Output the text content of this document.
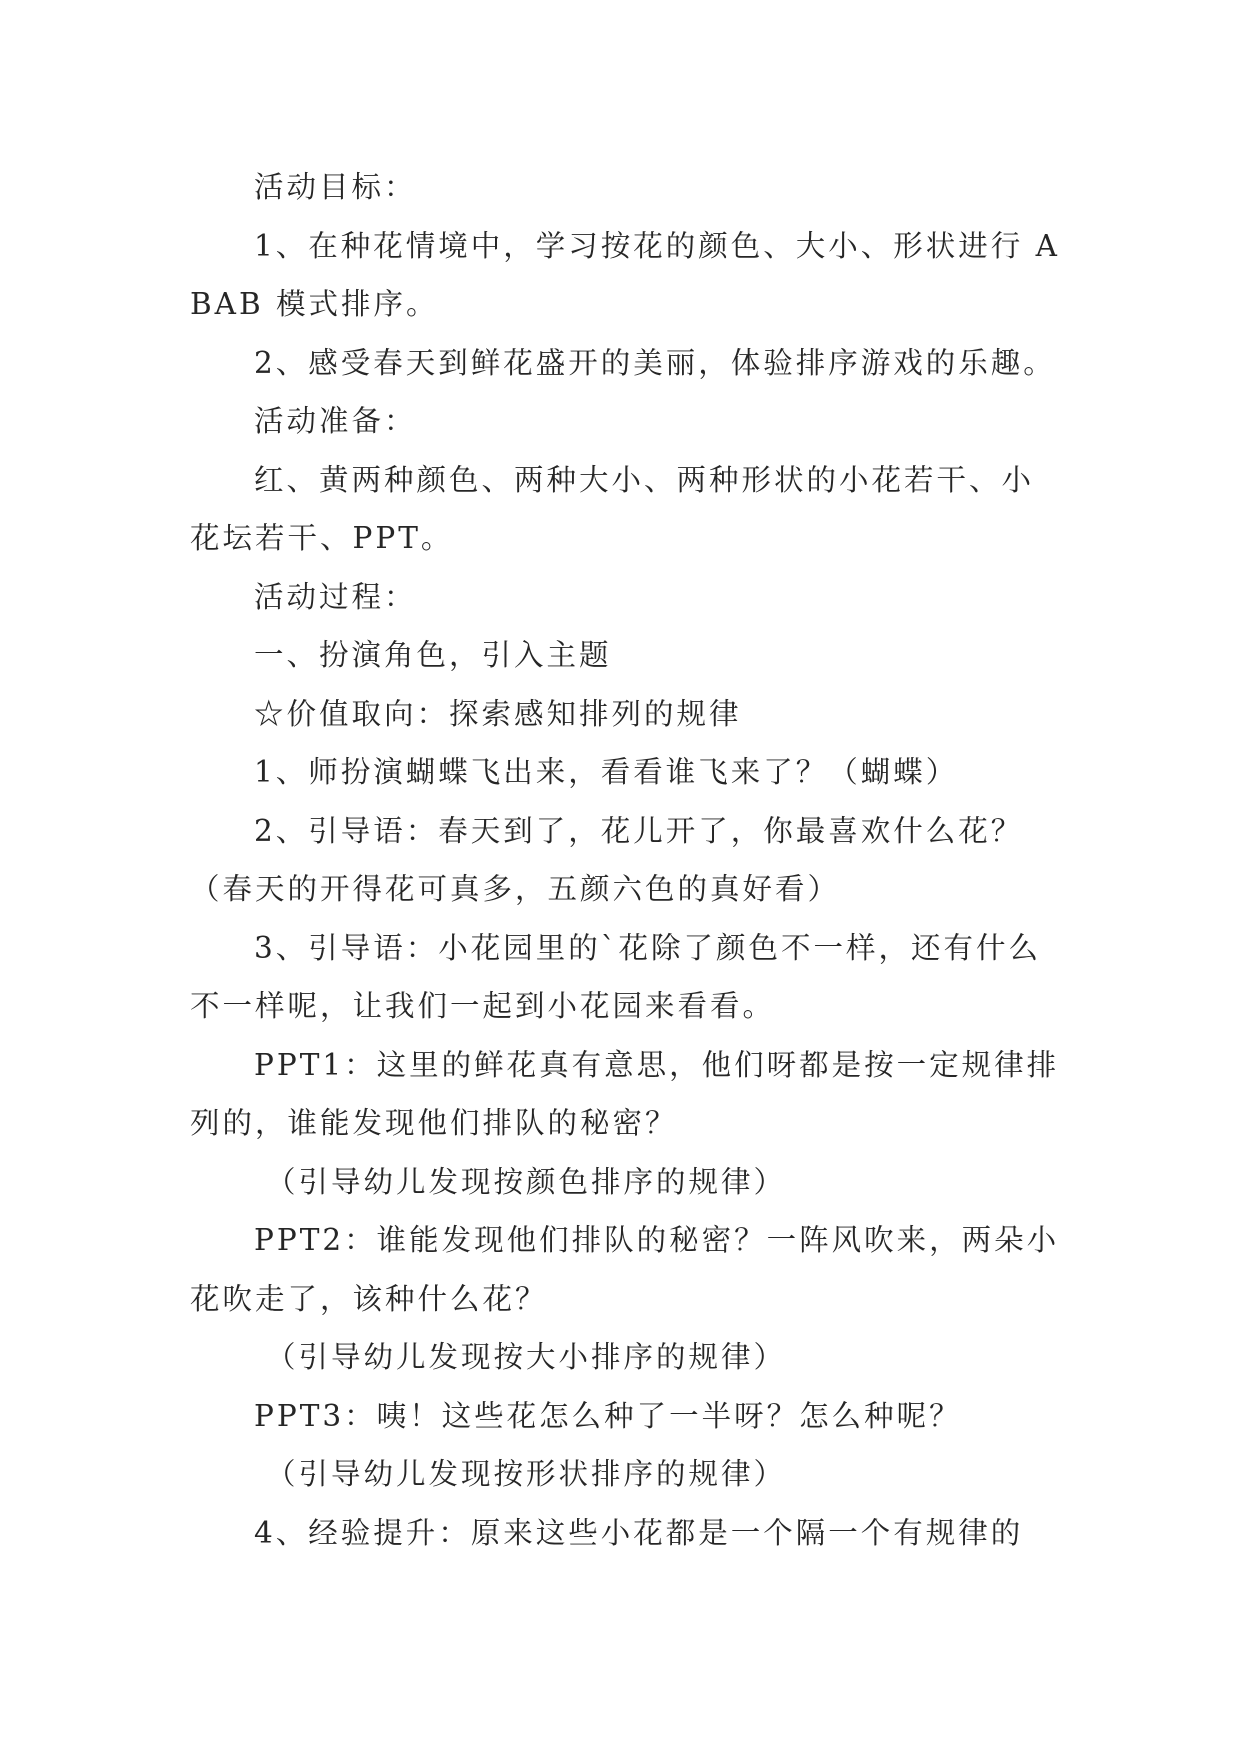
活动目标：

1、在种花情境中，学习按花的颜色、大小、形状进行 ABAB 模式排序。

2、感受春天到鲜花盛开的美丽，体验排序游戏的乐趣。

活动准备：

红、黄两种颜色、两种大小、两种形状的小花若干、小花坛若干、PPT。

活动过程：

一、扮演角色，引入主题

☆价值取向：探索感知排列的规律

1、师扮演蝴蝶飞出来，看看谁飞来了？（蝴蝶）

2、引导语：春天到了，花儿开了，你最喜欢什么花？（春天的开得花可真多，五颜六色的真好看）

3、引导语：小花园里的`花除了颜色不一样，还有什么不一样呢，让我们一起到小花园来看看。

PPT1：这里的鲜花真有意思，他们呀都是按一定规律排列的，谁能发现他们排队的秘密？

（引导幼儿发现按颜色排序的规律）

PPT2：谁能发现他们排队的秘密？一阵风吹来，两朵小花吹走了，该种什么花？

（引导幼儿发现按大小排序的规律）

PPT3：咦！这些花怎么种了一半呀？怎么种呢？

（引导幼儿发现按形状排序的规律）

4、经验提升：原来这些小花都是一个隔一个有规律的
